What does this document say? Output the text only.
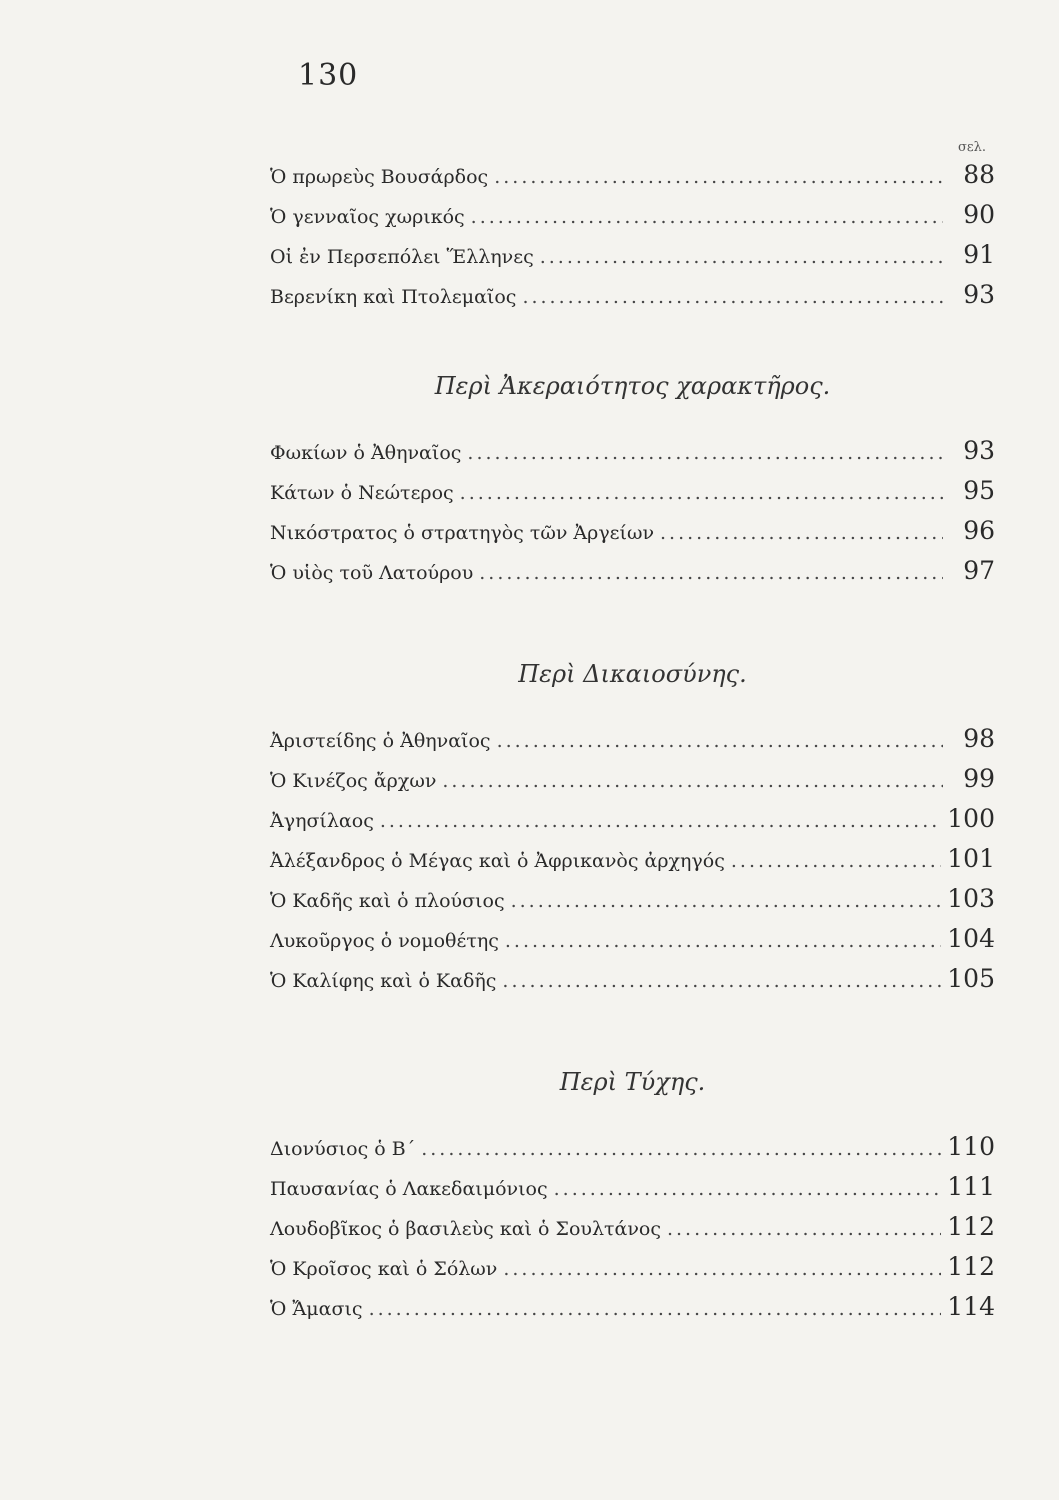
130
σελ.
Ὁ πρωρεὺς Βουσάρδος .....	88
Ὁ γενναῖος χωρικός .....	90
Οἱ ἐν Περσεπόλει Ἕλληνες .....	91
Βερενίκη καὶ Πτολεμαῖος .....	93
Περὶ Ἀκεραιότητος χαρακτῆρος.
Φωκίων ὁ Ἀθηναῖος .....	93
Κάτων ὁ Νεώτερος .....	95
Νικόστρατος ὁ στρατηγὸς τῶν Ἀργείων .....	96
Ὁ υἱὸς τοῦ Λατούρου .....	97
Περὶ Δικαιοσύνης.
Ἀριστείδης ὁ Ἀθηναῖος .....	98
Ὁ Κινέζος ἄρχων .....	99
Ἀγησίλαος .....	100
Ἀλέξανδρος ὁ Μέγας καὶ ὁ Ἀφρικανὸς ἀρχηγός .....	101
Ὁ Καδῆς καὶ ὁ πλούσιος .....	103
Λυκοῦργος ὁ νομοθέτης .....	104
Ὁ Καλίφης καὶ ὁ Καδῆς .....	105
Περὶ Τύχης.
Διονύσιος ὁ Β΄ .....	110
Παυσανίας ὁ Λακεδαιμόνιος .....	111
Λουδοβῖκος ὁ βασιλεὺς καὶ ὁ Σουλτάνος .....	112
Ὁ Κροῖσος καὶ ὁ Σόλων .....	112
Ὁ Ἄμασις .....	114
